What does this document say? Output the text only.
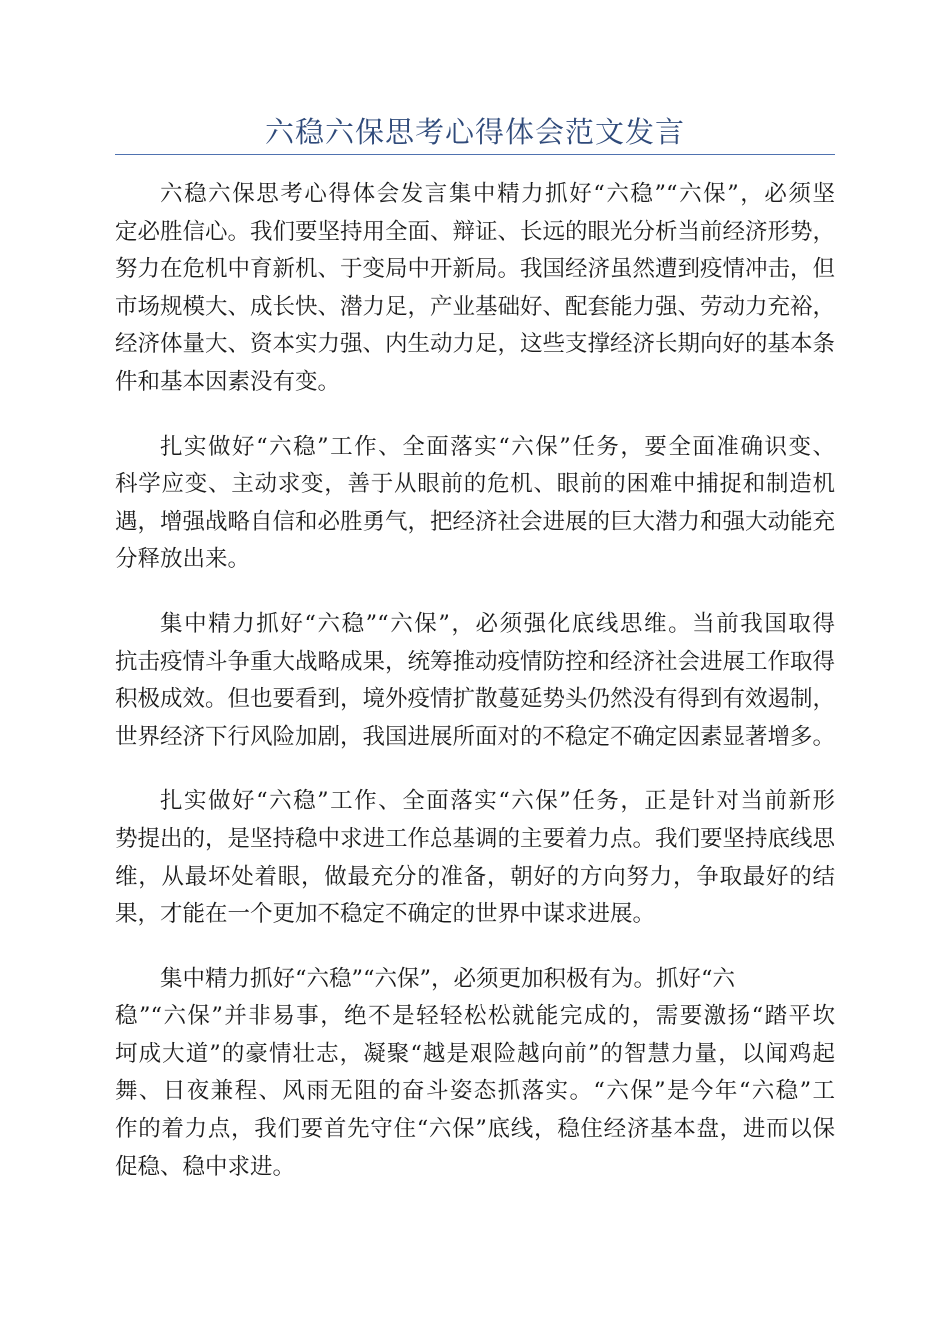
六稳六保思考心得体会范文发言
六稳六保思考心得体会发言集中精力抓好“六稳”“六保”，必须坚
定必胜信心。我们要坚持用全面、辩证、长远的眼光分析当前经济形势，
努力在危机中育新机、于变局中开新局。我国经济虽然遭到疫情冲击，但
市场规模大、成长快、潜力足，产业基础好、配套能力强、劳动力充裕，
经济体量大、资本实力强、内生动力足，这些支撑经济长期向好的基本条
件和基本因素没有变。
扎实做好“六稳”工作、全面落实“六保”任务，要全面准确识变、
科学应变、主动求变，善于从眼前的危机、眼前的困难中捕捉和制造机
遇，增强战略自信和必胜勇气，把经济社会进展的巨大潜力和强大动能充
分释放出来。
集中精力抓好“六稳”“六保”，必须强化底线思维。当前我国取得
抗击疫情斗争重大战略成果，统筹推动疫情防控和经济社会进展工作取得
积极成效。但也要看到，境外疫情扩散蔓延势头仍然没有得到有效遏制，
世界经济下行风险加剧，我国进展所面对的不稳定不确定因素显著增多。
扎实做好“六稳”工作、全面落实“六保”任务，正是针对当前新形
势提出的，是坚持稳中求进工作总基调的主要着力点。我们要坚持底线思
维，从最坏处着眼，做最充分的准备，朝好的方向努力，争取最好的结
果，才能在一个更加不稳定不确定的世界中谋求进展。
集中精力抓好“六稳”“六保”，必须更加积极有为。抓好“六
稳”“六保”并非易事，绝不是轻轻松松就能完成的，需要激扬“踏平坎
坷成大道”的豪情壮志，凝聚“越是艰险越向前”的智慧力量，以闻鸡起
舞、日夜兼程、风雨无阻的奋斗姿态抓落实。“六保”是今年“六稳”工
作的着力点，我们要首先守住“六保”底线，稳住经济基本盘，进而以保
促稳、稳中求进。
